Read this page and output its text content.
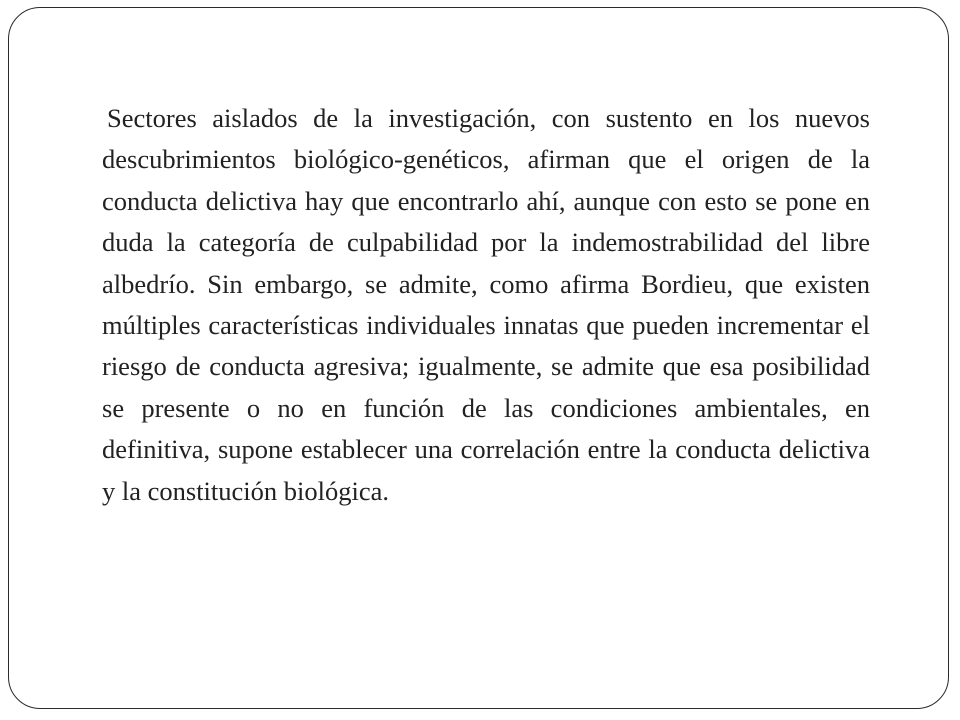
Sectores aislados de la investigación, con sustento en los nuevos descubrimientos biológico-genéticos, afirman que el origen de la conducta delictiva hay que encontrarlo ahí, aunque con esto se pone en duda la categoría de culpabilidad por la indemostrabilidad del libre albedrío. Sin embargo, se admite, como afirma Bordieu, que existen múltiples características individuales innatas que pueden incrementar el riesgo de conducta agresiva; igualmente, se admite que esa posibilidad se presente o no en función de las condiciones ambientales, en definitiva, supone establecer una correlación entre la conducta delictiva y la constitución biológica.
